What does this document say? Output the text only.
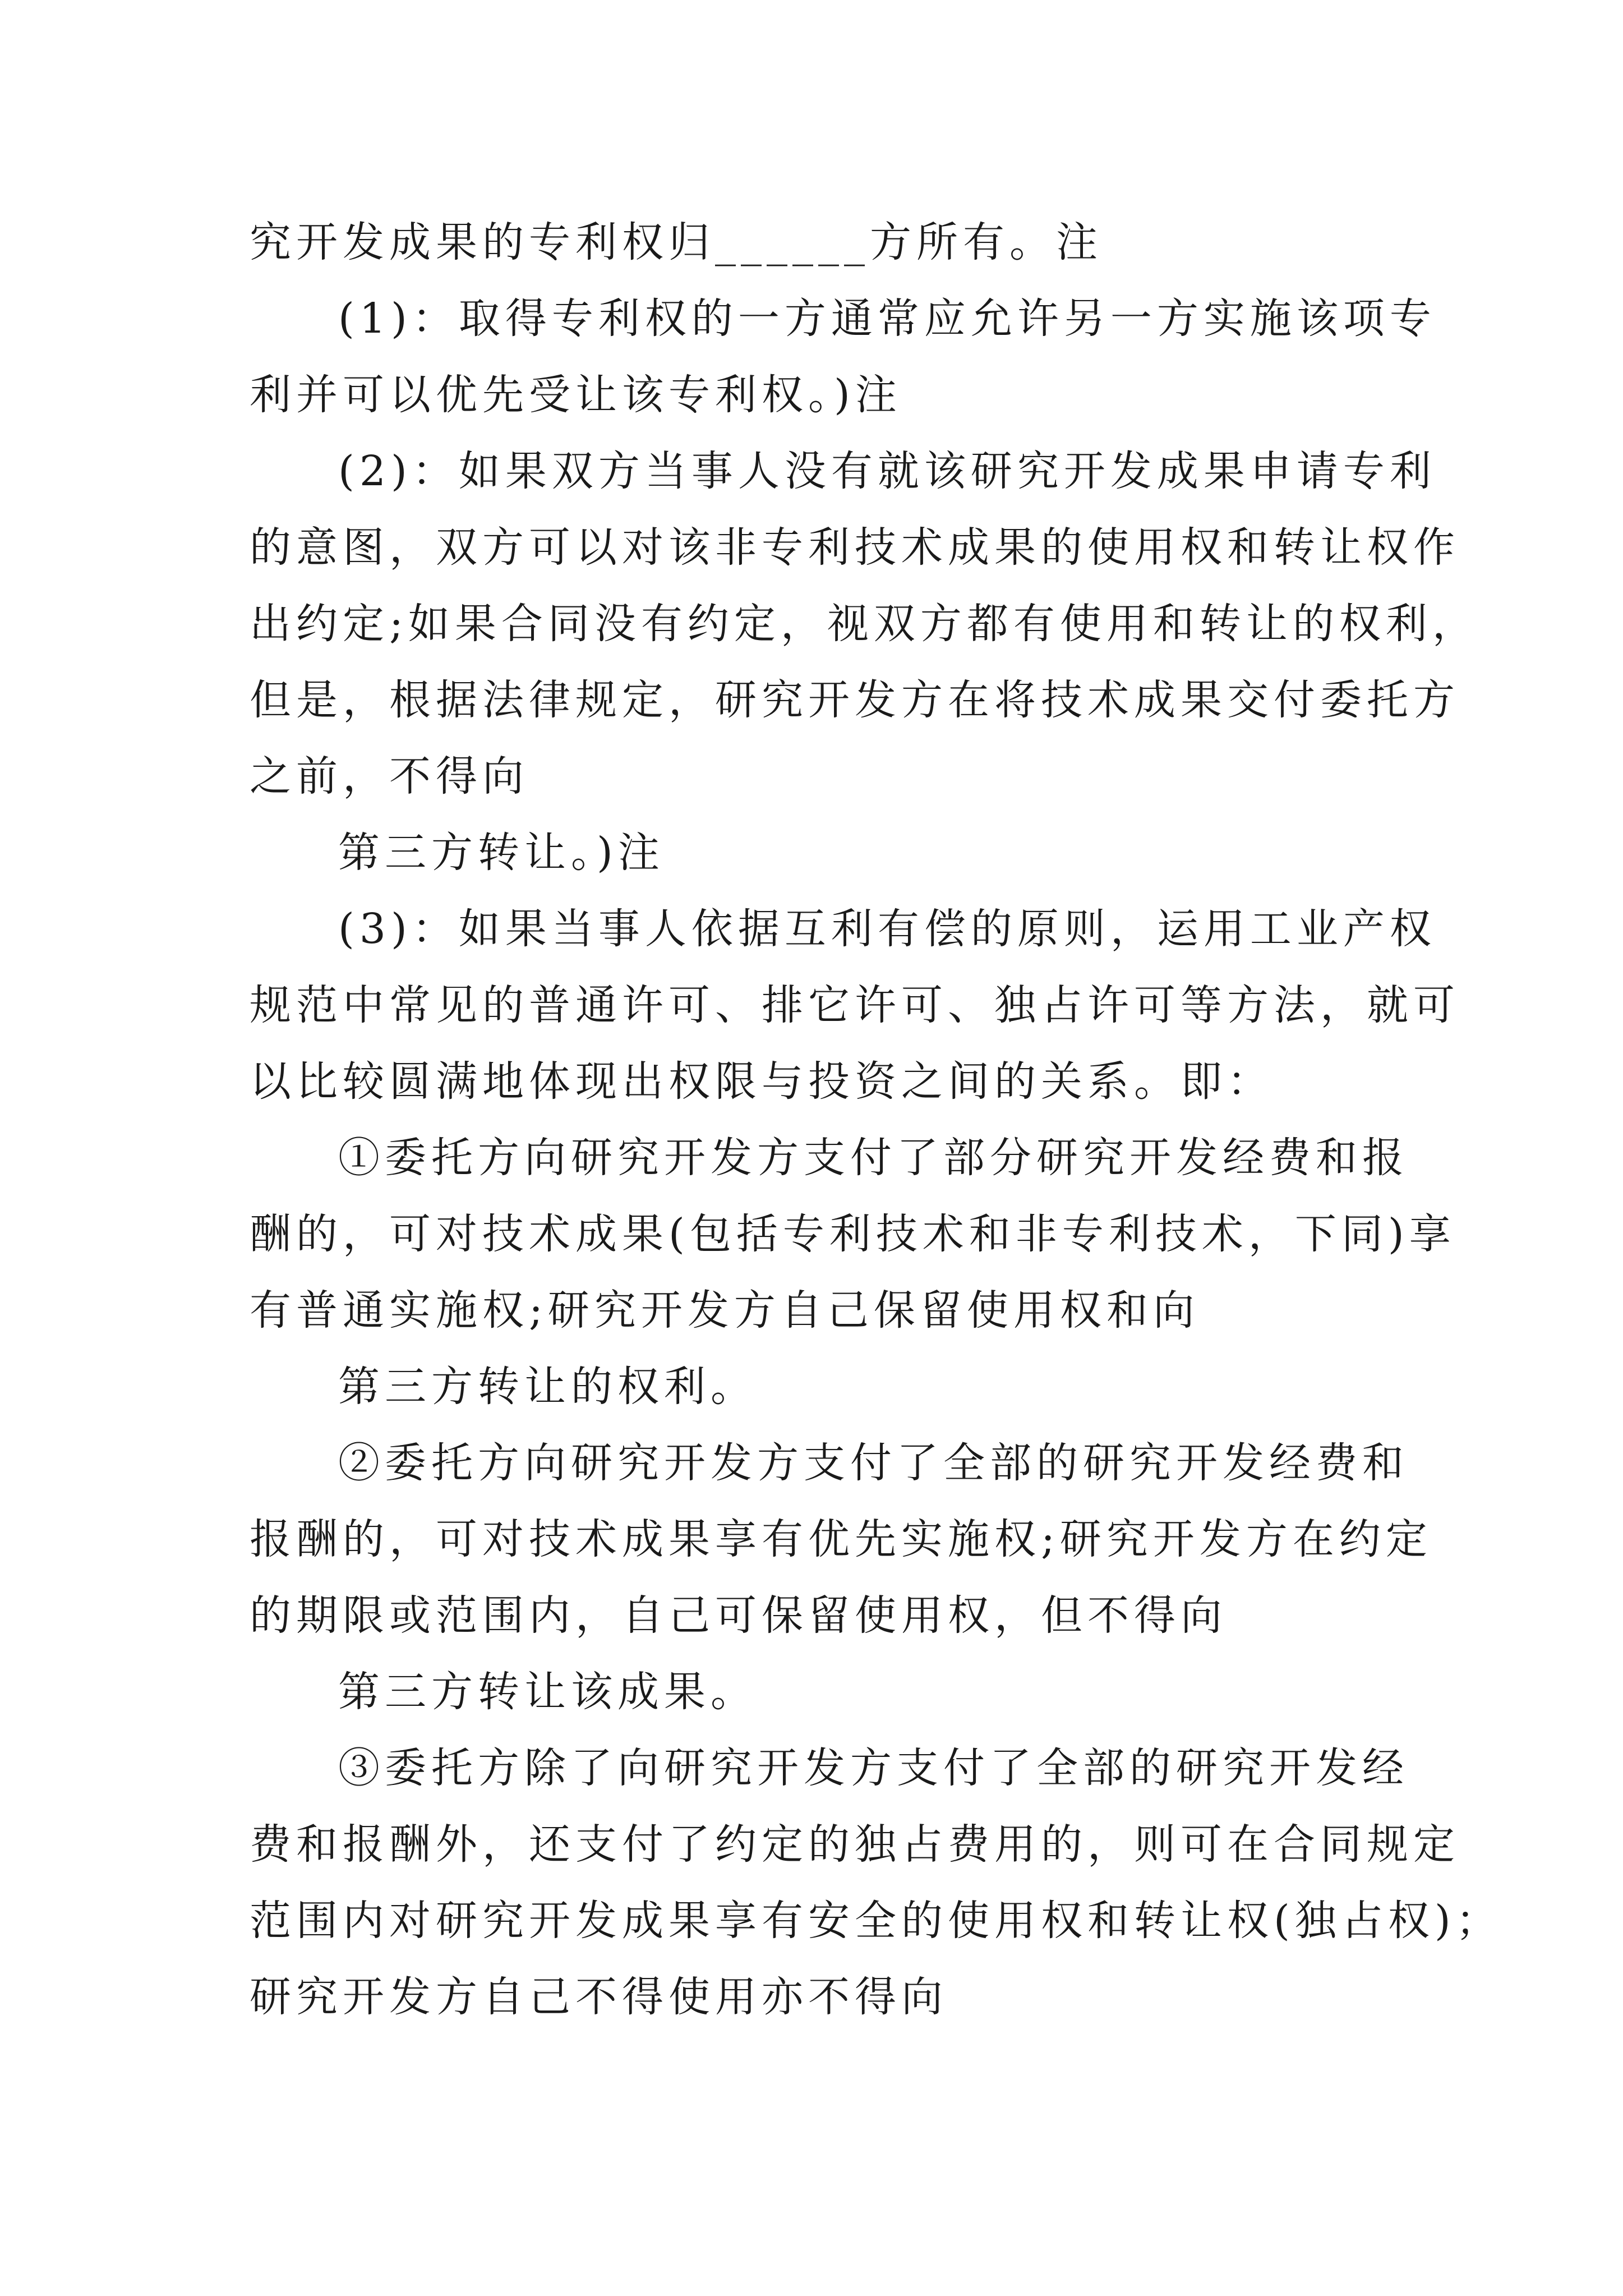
究开发成果的专利权归______方所有。注
(1)：取得专利权的一方通常应允许另一方实施该项专
利并可以优先受让该专利权。)注
(2)：如果双方当事人没有就该研究开发成果申请专利
的意图，双方可以对该非专利技术成果的使用权和转让权作
出约定;如果合同没有约定，视双方都有使用和转让的权利，
但是，根据法律规定，研究开发方在将技术成果交付委托方
之前，不得向
第三方转让。)注
(3)：如果当事人依据互利有偿的原则，运用工业产权
规范中常见的普通许可、排它许可、独占许可等方法，就可
以比较圆满地体现出权限与投资之间的关系。即：
①委托方向研究开发方支付了部分研究开发经费和报
酬的，可对技术成果(包括专利技术和非专利技术，下同)享
有普通实施权;研究开发方自己保留使用权和向
第三方转让的权利。
②委托方向研究开发方支付了全部的研究开发经费和
报酬的，可对技术成果享有优先实施权;研究开发方在约定
的期限或范围内，自己可保留使用权，但不得向
第三方转让该成果。
③委托方除了向研究开发方支付了全部的研究开发经
费和报酬外，还支付了约定的独占费用的，则可在合同规定
范围内对研究开发成果享有安全的使用权和转让权(独占权)；
研究开发方自己不得使用亦不得向
